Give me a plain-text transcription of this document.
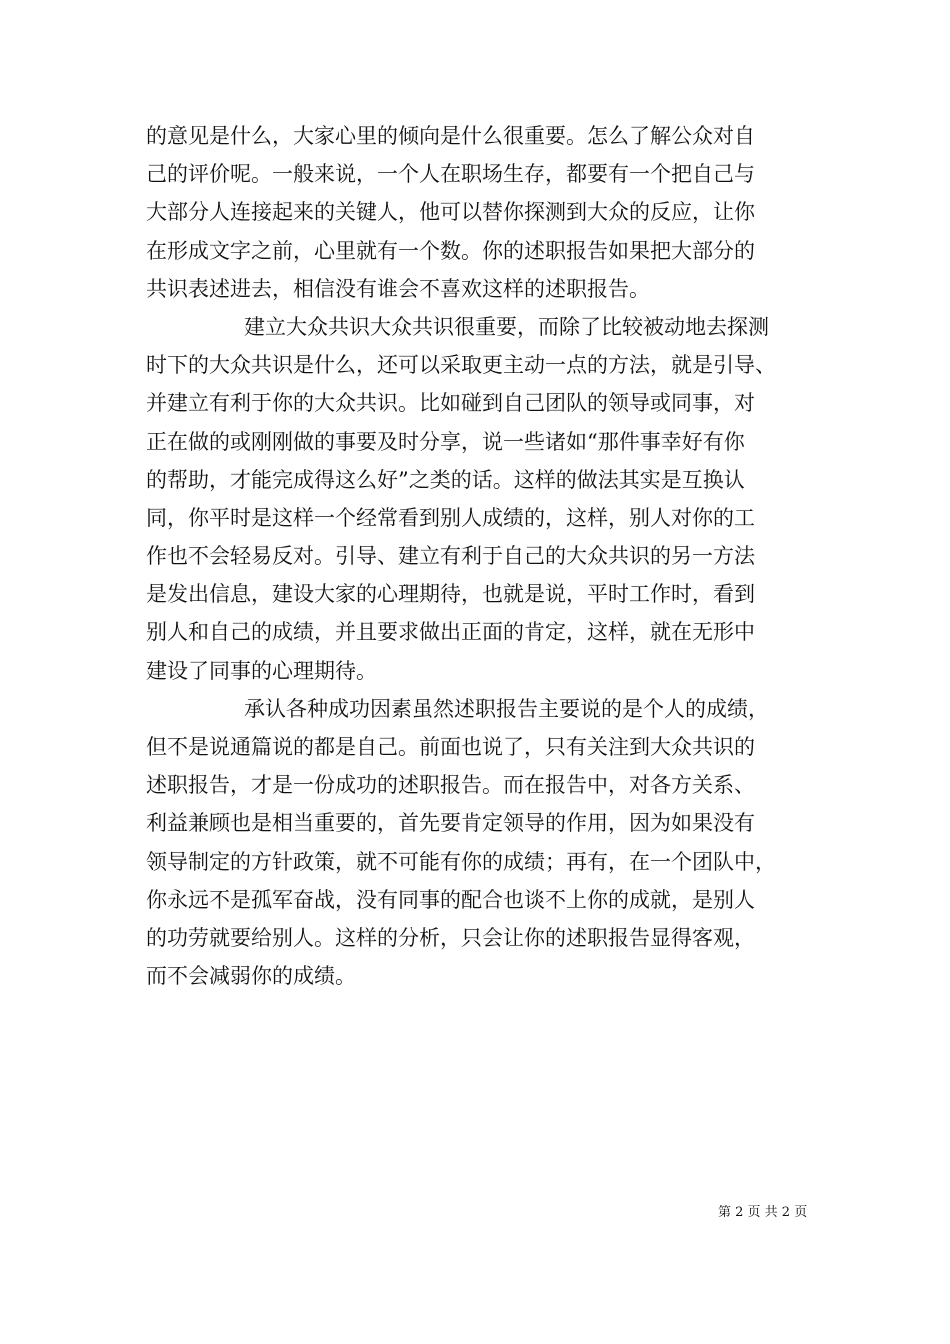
的意见是什么，大家心里的倾向是什么很重要。怎么了解公众对自
己的评价呢。一般来说，一个人在职场生存，都要有一个把自己与
大部分人连接起来的关键人，他可以替你探测到大众的反应，让你
在形成文字之前，心里就有一个数。你的述职报告如果把大部分的
共识表述进去，相信没有谁会不喜欢这样的述职报告。
建立大众共识大众共识很重要，而除了比较被动地去探测
时下的大众共识是什么，还可以采取更主动一点的方法，就是引导、
并建立有利于你的大众共识。比如碰到自己团队的领导或同事，对
正在做的或刚刚做的事要及时分享，说一些诸如“那件事幸好有你
的帮助，才能完成得这么好”之类的话。这样的做法其实是互换认
同，你平时是这样一个经常看到别人成绩的，这样，别人对你的工
作也不会轻易反对。引导、建立有利于自己的大众共识的另一方法
是发出信息，建设大家的心理期待，也就是说，平时工作时，看到
别人和自己的成绩，并且要求做出正面的肯定，这样，就在无形中
建设了同事的心理期待。
承认各种成功因素虽然述职报告主要说的是个人的成绩，
但不是说通篇说的都是自己。前面也说了，只有关注到大众共识的
述职报告，才是一份成功的述职报告。而在报告中，对各方关系、
利益兼顾也是相当重要的，首先要肯定领导的作用，因为如果没有
领导制定的方针政策，就不可能有你的成绩；再有，在一个团队中，
你永远不是孤军奋战，没有同事的配合也谈不上你的成就，是别人
的功劳就要给别人。这样的分析，只会让你的述职报告显得客观，
而不会减弱你的成绩。
第 2 页 共 2 页
